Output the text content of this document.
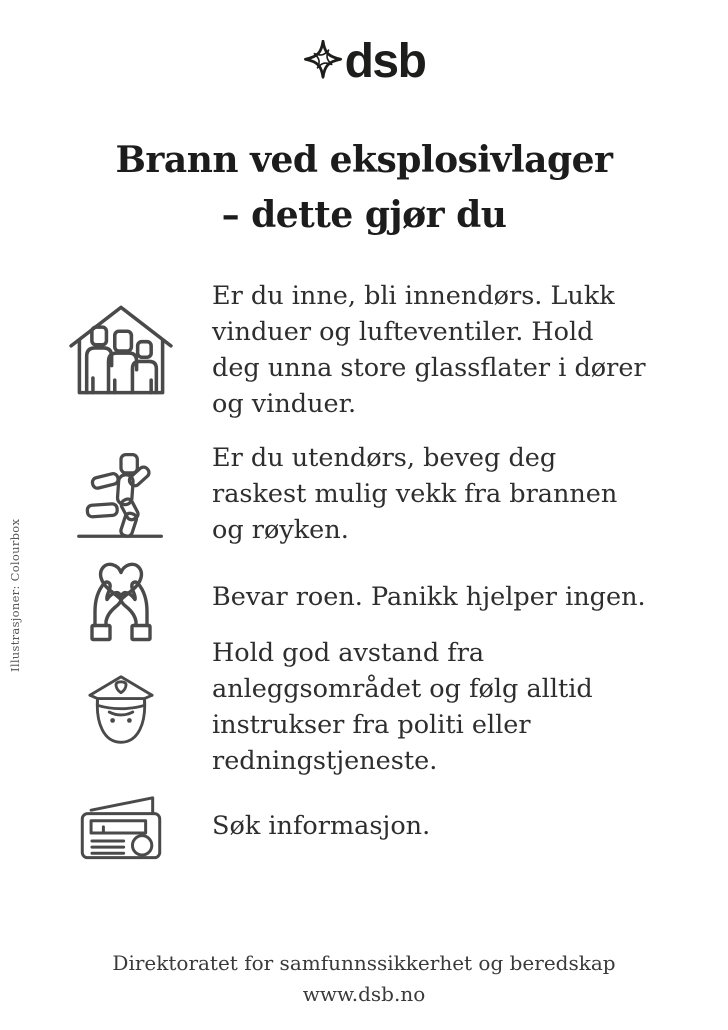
dsb
Brann ved eksplosivlager
– dette gjør du
Er du inne, bli innendørs. Lukk vinduer og lufteventiler. Hold deg unna store glassflater i dører og vinduer.
Er du utendørs, beveg deg raskest mulig vekk fra brannen og røyken.
Bevar roen. Panikk hjelper ingen.
Hold god avstand fra anleggsområdet og følg alltid instrukser fra politi eller redningstjeneste.
Søk informasjon.
Illustrasjoner: Colourbox
Direktoratet for samfunnssikkerhet og beredskap
www.dsb.no
